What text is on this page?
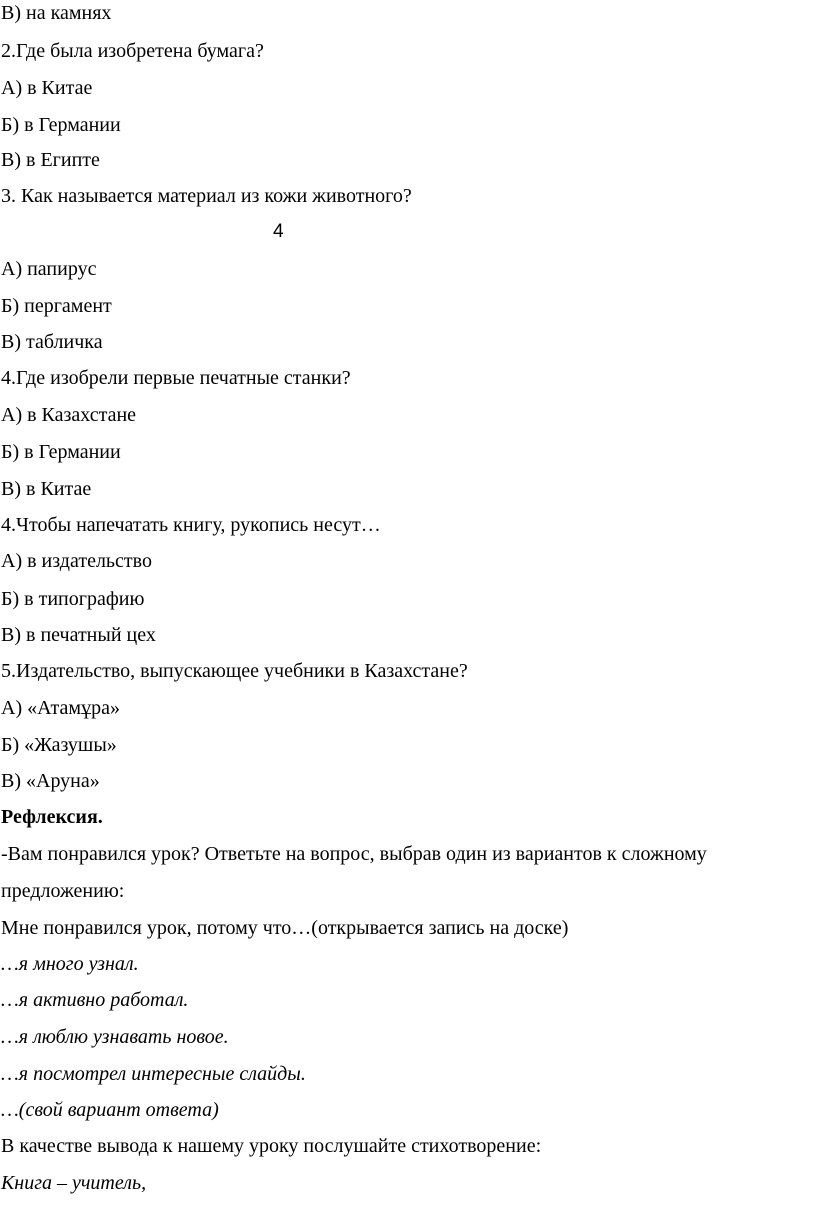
В) на камнях
2.Где была изобретена бумага?
А) в Китае
Б) в Германии
В) в Египте
3. Как называется материал из кожи животного?
4
А) папирус
Б) пергамент
В) табличка
4.Где изобрели первые печатные станки?
А) в Казахстане
Б) в Германии
В) в Китае
4.Чтобы напечатать книгу, рукопись несут…
А) в издательство
Б) в типографию
В) в печатный цех
5.Издательство, выпускающее учебники в Казахстане?
А) «Атамұра»
Б) «Жазушы»
В) «Аруна»
Рефлексия.
-Вам понравился урок? Ответьте на вопрос, выбрав один из вариантов к сложному
предложению:
Мне понравился урок, потому что…(открывается запись на доске)
…я много узнал.
…я активно работал.
…я люблю узнавать новое.
…я посмотрел интересные слайды.
…(свой вариант ответа)
В качестве вывода к нашему уроку послушайте стихотворение:
Книга – учитель,
